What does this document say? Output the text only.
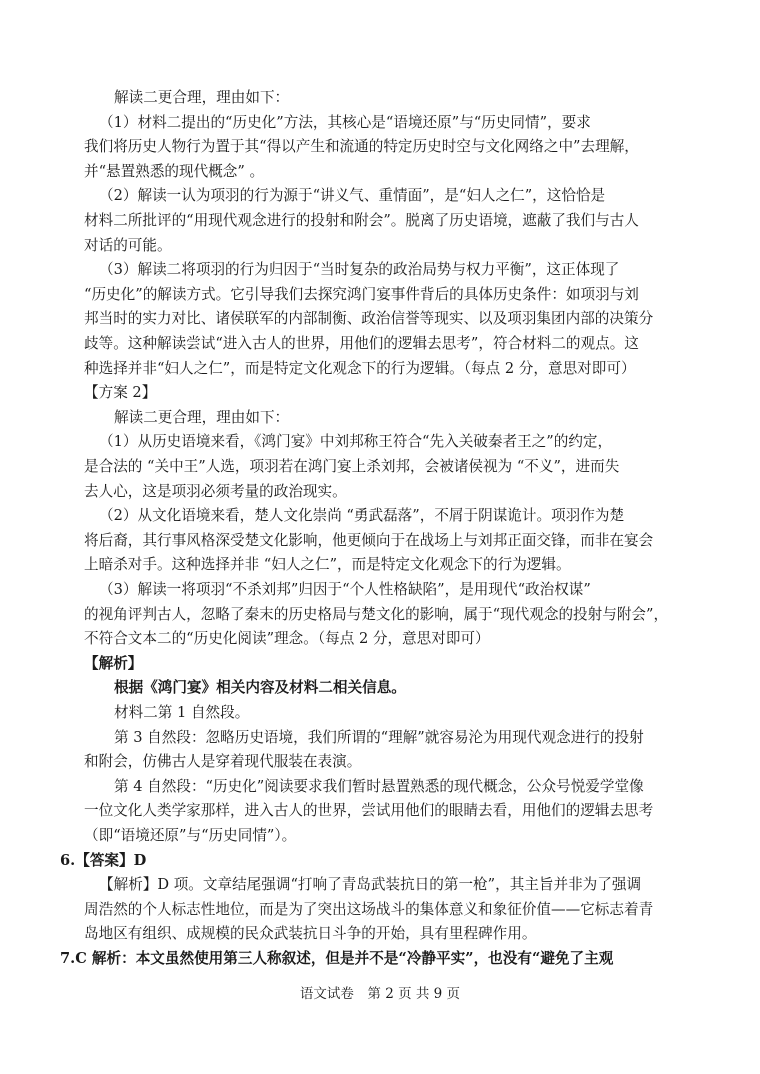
解读二更合理，理由如下：
（1）材料二提出的“历史化”方法，其核心是“语境还原”与“历史同情”，要求
我们将历史人物行为置于其“得以产生和流通的特定历史时空与文化网络之中”去理解，
并“悬置熟悉的现代概念” 。
（2）解读一认为项羽的行为源于“讲义气、重情面”，是“妇人之仁”，这恰恰是
材料二所批评的“用现代观念进行的投射和附会”。脱离了历史语境，遮蔽了我们与古人
对话的可能。
（3）解读二将项羽的行为归因于“当时复杂的政治局势与权力平衡”，这正体现了
“历史化”的解读方式。它引导我们去探究鸿门宴事件背后的具体历史条件：如项羽与刘
邦当时的实力对比、诸侯联军的内部制衡、政治信誉等现实、以及项羽集团内部的决策分
歧等。这种解读尝试“进入古人的世界，用他们的逻辑去思考”，符合材料二的观点。这
种选择并非“妇人之仁”，而是特定文化观念下的行为逻辑。（每点 2 分，意思对即可）
【方案 2】
解读二更合理，理由如下：
（1）从历史语境来看，《鸿门宴》中刘邦称王符合“先入关破秦者王之”的约定，
是合法的 “关中王”人选，项羽若在鸿门宴上杀刘邦，会被诸侯视为 “不义”，进而失
去人心，这是项羽必须考量的政治现实。
（2）从文化语境来看，楚人文化崇尚 “勇武磊落”，不屑于阴谋诡计。项羽作为楚
将后裔，其行事风格深受楚文化影响，他更倾向于在战场上与刘邦正面交锋，而非在宴会
上暗杀对手。这种选择并非 “妇人之仁”，而是特定文化观念下的行为逻辑。
（3）解读一将项羽“不杀刘邦”归因于“个人性格缺陷”，是用现代“政治权谋”
的视角评判古人，忽略了秦末的历史格局与楚文化的影响，属于“现代观念的投射与附会”，
不符合文本二的“历史化阅读”理念。（每点 2 分，意思对即可）
【解析】
根据《鸿门宴》相关内容及材料二相关信息。
材料二第 1 自然段。
第 3 自然段：忽略历史语境，我们所谓的“理解”就容易沦为用现代观念进行的投射
和附会，仿佛古人是穿着现代服装在表演。
第 4 自然段：“历史化”阅读要求我们暂时悬置熟悉的现代概念，公众号悦爱学堂像
一位文化人类学家那样，进入古人的世界，尝试用他们的眼睛去看，用他们的逻辑去思考
（即“语境还原”与“历史同情”）。
6.【答案】D
语文试卷　第 2 页 共 9 页
【解析】D 项。文章结尾强调“打响了青岛武装抗日的第一枪”，其主旨并非为了强调
周浩然的个人标志性地位，而是为了突出这场战斗的集体意义和象征价值——它标志着青
岛地区有组织、成规模的民众武装抗日斗争的开始，具有里程碑作用。
7.C 解析：本文虽然使用第三人称叙述，但是并不是“冷静平实”，也没有“避免了主观
